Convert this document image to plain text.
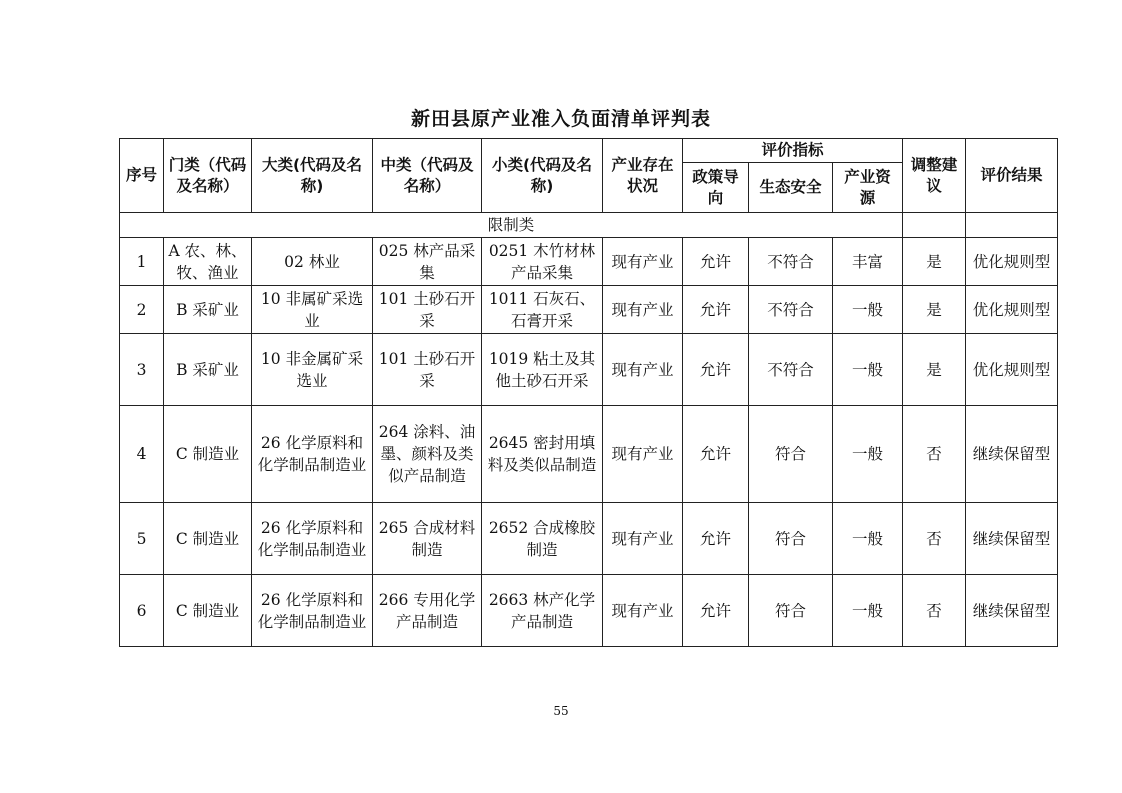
新田县原产业准入负面清单评判表
序号	门类（代码及名称）	大类(代码及名称)	中类（代码及名称）	小类(代码及名称)	产业存在状况	评价指标			调整建议	评价结果
						政策导向	生态安全	产业资源		
限制类										
1	A 农、林、牧、渔业	02 林业	025 林产品采集	0251 木竹材林产品采集	现有产业	允许	不符合	丰富	是	优化规则型
2	B 采矿业	10 非属矿采选业	101 土砂石开采	1011 石灰石、石膏开采	现有产业	允许	不符合	一般	是	优化规则型
3	B 采矿业	10 非金属矿采选业	101 土砂石开采	1019 粘土及其他土砂石开采	现有产业	允许	不符合	一般	是	优化规则型
4	C 制造业	26 化学原料和化学制品制造业	264 涂料、油墨、颜料及类似产品制造	2645 密封用填料及类似品制造	现有产业	允许	符合	一般	否	继续保留型
5	C 制造业	26 化学原料和化学制品制造业	265 合成材料制造	2652 合成橡胶制造	现有产业	允许	符合	一般	否	继续保留型
6	C 制造业	26 化学原料和化学制品制造业	266 专用化学产品制造	2663 林产化学产品制造	现有产业	允许	符合	一般	否	继续保留型
55
